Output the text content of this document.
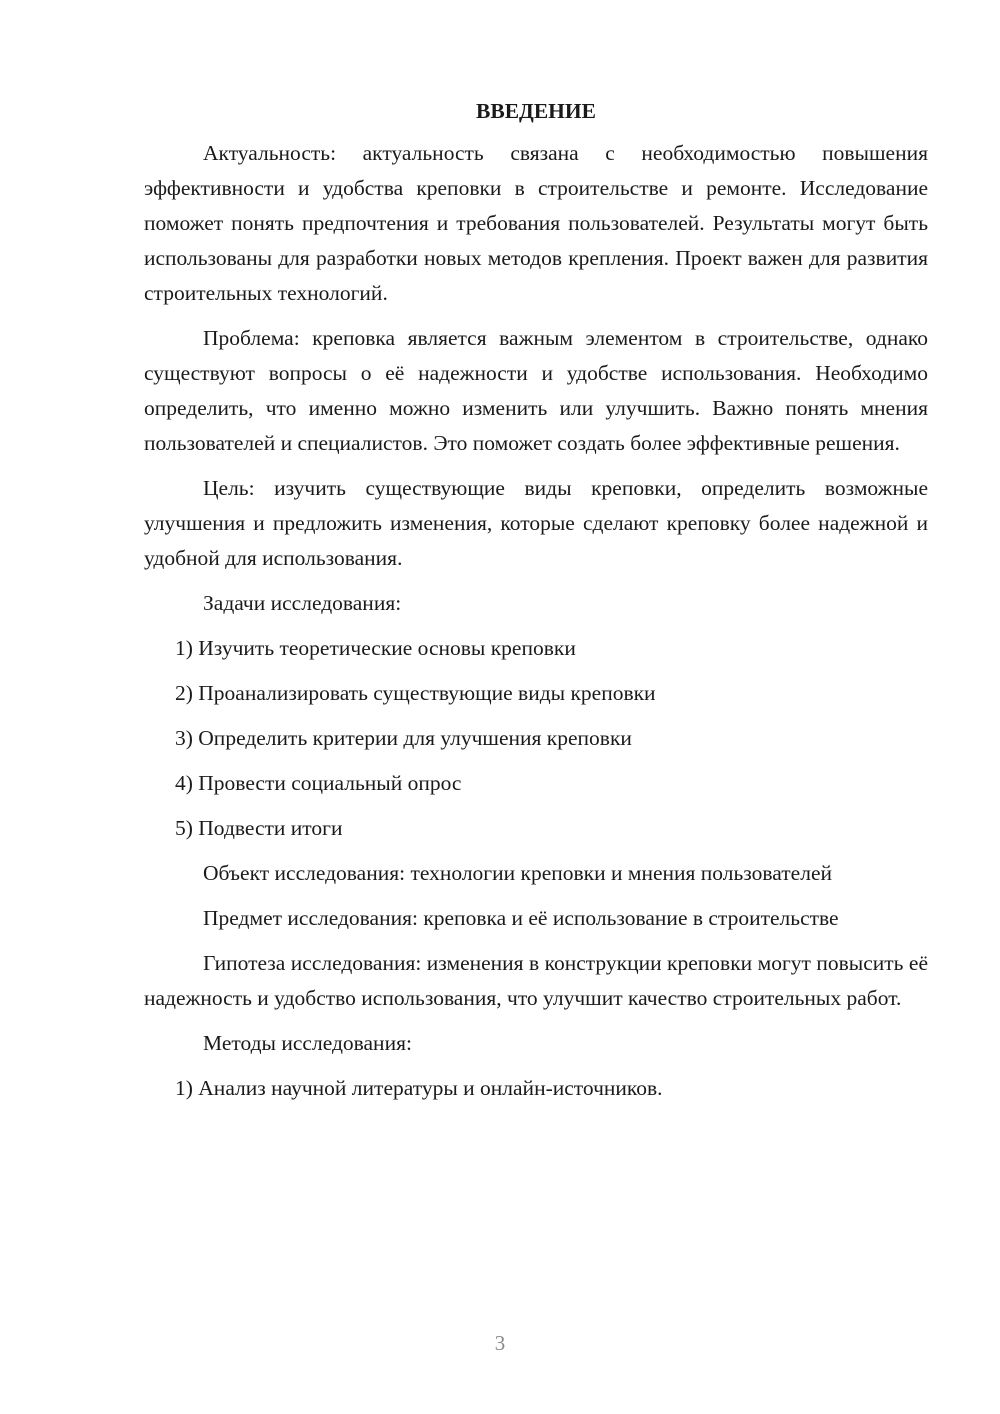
ВВЕДЕНИЕ

Актуальность: актуальность связана с необходимостью повышения эффективности и удобства креповки в строительстве и ремонте. Исследование поможет понять предпочтения и требования пользователей. Результаты могут быть использованы для разработки новых методов крепления. Проект важен для развития строительных технологий.

Проблема: креповка является важным элементом в строительстве, однако существуют вопросы о её надежности и удобстве использования. Необходимо определить, что именно можно изменить или улучшить. Важно понять мнения пользователей и специалистов. Это поможет создать более эффективные решения.

Цель: изучить существующие виды креповки, определить возможные улучшения и предложить изменения, которые сделают креповку более надежной и удобной для использования.

Задачи исследования:

1) Изучить теоретические основы креповки

2) Проанализировать существующие виды креповки

3) Определить критерии для улучшения креповки

4) Провести социальный опрос

5) Подвести итоги

Объект исследования: технологии креповки и мнения пользователей

Предмет исследования: креповка и её использование в строительстве

Гипотеза исследования: изменения в конструкции креповки могут повысить её надежность и удобство использования, что улучшит качество строительных работ.

Методы исследования:

1) Анализ научной литературы и онлайн-источников.

3
